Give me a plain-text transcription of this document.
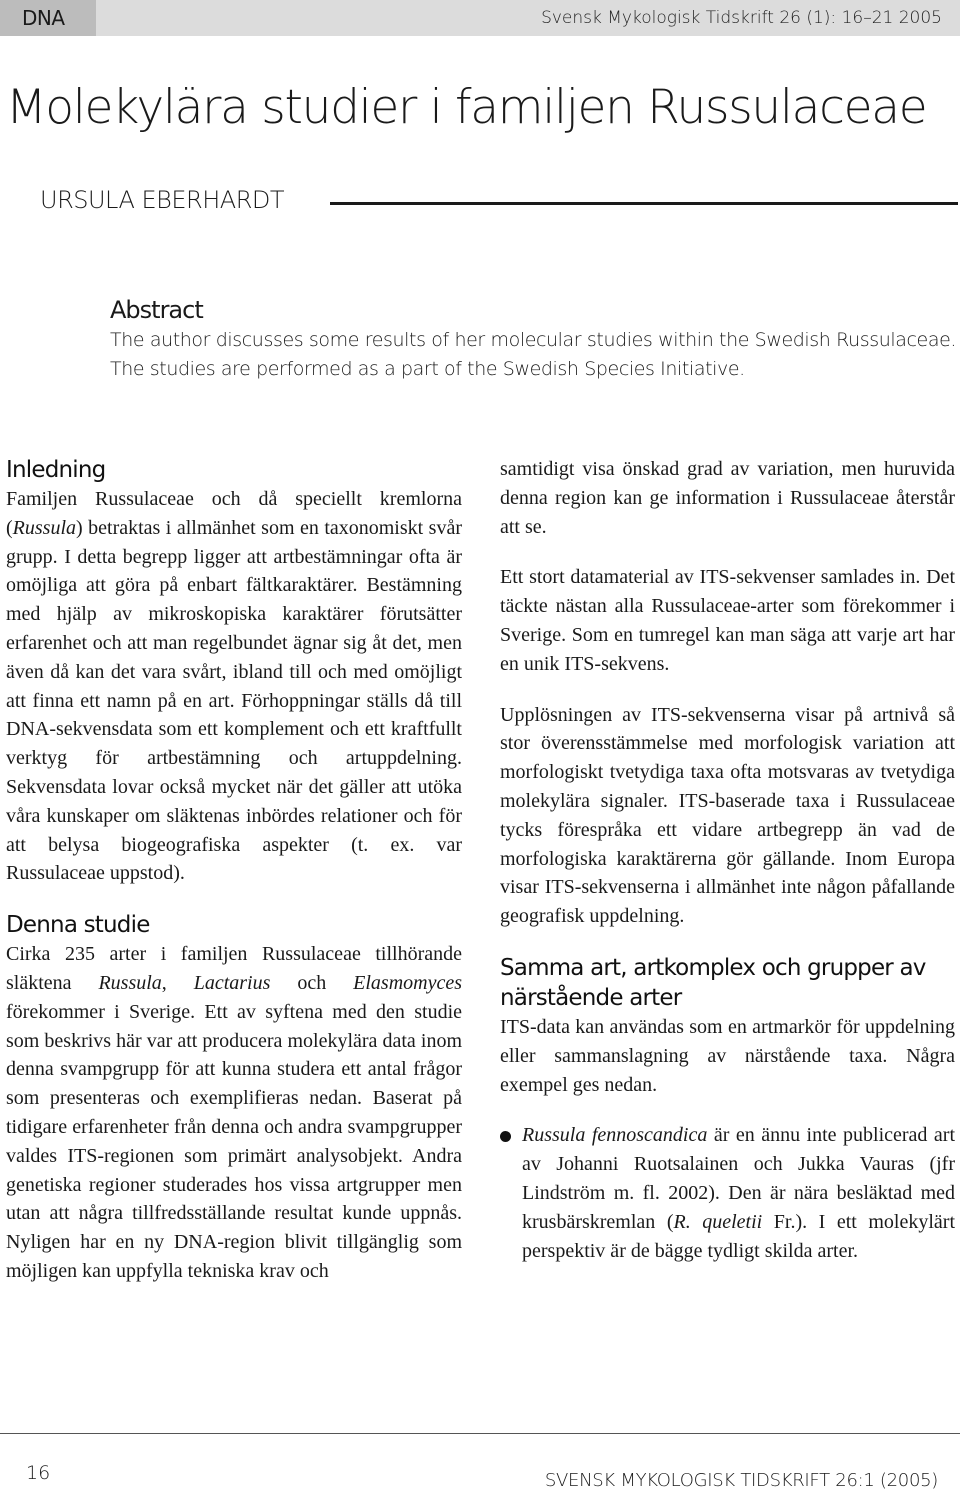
DNA	Svensk Mykologisk Tidskrift 26 (1): 16–21 2005
Molekylära studier i familjen Russulaceae
URSULA EBERHARDT
Abstract

The author discusses some results of her molecular studies within the Swedish Russulaceae. The studies are performed as a part of the Swedish Species Initiative.

Inledning

Familjen Russulaceae och då speciellt kremlorna (Russula) betraktas i allmänhet som en taxonomiskt svår grupp. I detta begrepp ligger att artbestämningar ofta är omöjliga att göra på enbart fältkaraktärer. Bestämning med hjälp av mikroskopiska karaktärer förutsätter erfarenhet och att man regelbundet ägnar sig åt det, men även då kan det vara svårt, ibland till och med omöjligt att finna ett namn på en art. Förhoppningar ställs då till DNA-sekvensdata som ett komplement och ett kraftfullt verktyg för artbestämning och artuppdelning. Sekvensdata lovar också mycket när det gäller att utöka våra kunskaper om släktenas inbördes relationer och för att belysa biogeografiska aspekter (t. ex. var Russulaceae uppstod).

Denna studie

Cirka 235 arter i familjen Russulaceae tillhörande släktena Russula, Lactarius och Elasmomyces förekommer i Sverige. Ett av syftena med den studie som beskrivs här var att producera molekylära data inom denna svampgrupp för att kunna studera ett antal frågor som presenteras och exemplifieras nedan. Baserat på tidigare erfarenheter från denna och andra svampgrupper valdes ITS-regionen som primärt analysobjekt. Andra genetiska regioner studerades hos vissa artgrupper men utan att några tillfredsställande resultat kunde uppnås. Nyligen har en ny DNA-region blivit tillgänglig som möjligen kan uppfylla tekniska krav och

samtidigt visa önskad grad av variation, men huruvida denna region kan ge information i Russulaceae återstår att se.

Ett stort datamaterial av ITS-sekvenser samlades in. Det täckte nästan alla Russulaceae-arter som förekommer i Sverige. Som en tumregel kan man säga att varje art har en unik ITS-sekvens.

Upplösningen av ITS-sekvenserna visar på artnivå så stor överensstämmelse med morfologisk variation att morfologiskt tvetydiga taxa ofta motsvaras av tvetydiga molekylära signaler. ITS-baserade taxa i Russulaceae tycks förespråka ett vidare artbegrepp än vad de morfologiska karaktärerna gör gällande. Inom Europa visar ITS-sekvenserna i allmänhet inte någon påfallande geografisk uppdelning.

Samma art, artkomplex och grupper av närstående arter

ITS-data kan användas som en artmarkör för uppdelning eller sammanslagning av närstående taxa. Några exempel ges nedan.

Russula fennoscandica är en ännu inte publicerad art av Johanni Ruotsalainen och Jukka Vauras (jfr Lindström m. fl. 2002). Den är nära besläktad med krusbärskremlan (R. queletii Fr.). I ett molekylärt perspektiv är de bägge tydligt skilda arter.
16	SVENSK MYKOLOGISK TIDSKRIFT 26:1 (2005)
